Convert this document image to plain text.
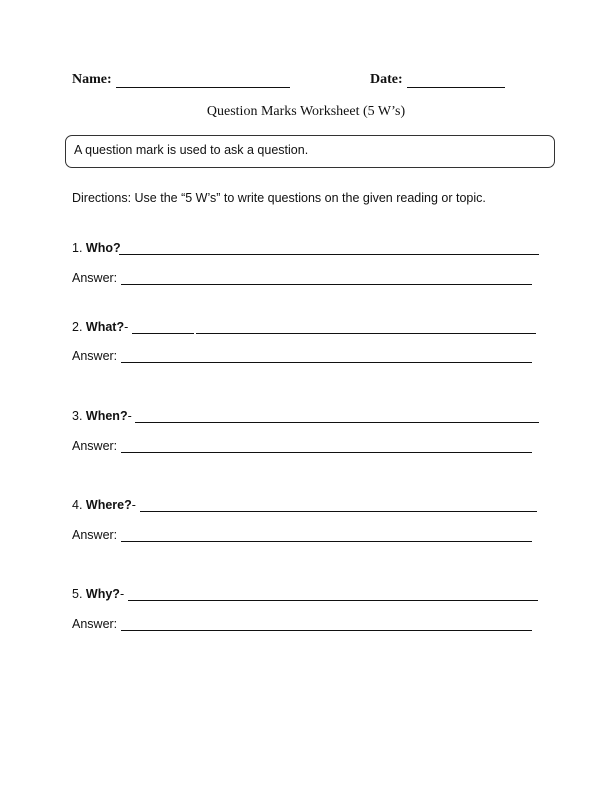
Name:	Date:
Question Marks Worksheet (5 W’s)
A question mark is used to ask a question.
Directions: Use the “5 W’s” to write questions on the given reading or topic.
1. Who?
Answer:
2. What?-
Answer:
3. When?-
Answer:
4. Where?-
Answer:
5. Why?-
Answer:
